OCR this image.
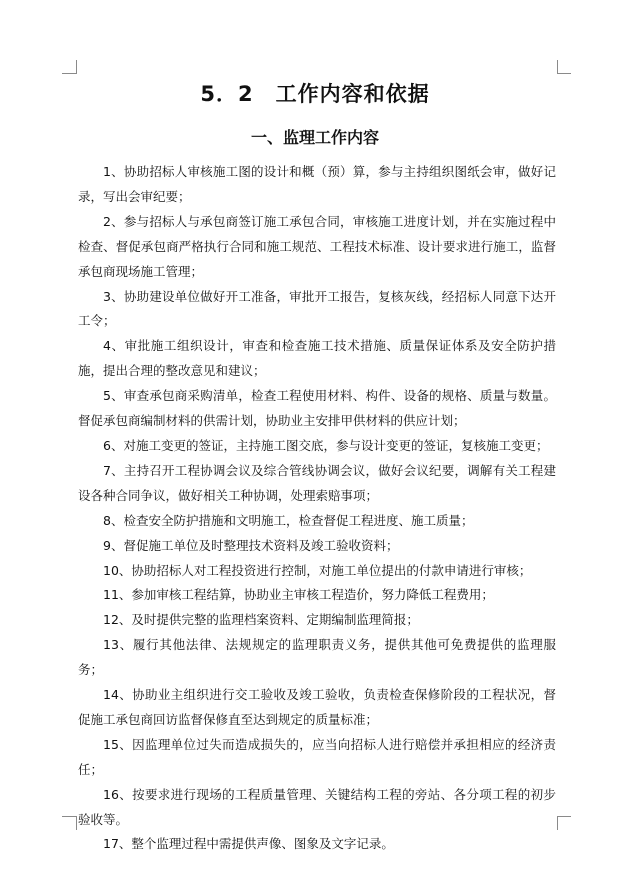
5．2　工作内容和依据
一、监理工作内容

1、协助招标人审核施工图的设计和概（预）算，参与主持组织图纸会审，做好记录，写出会审纪要；

2、参与招标人与承包商签订施工承包合同，审核施工进度计划，并在实施过程中检查、督促承包商严格执行合同和施工规范、工程技术标准、设计要求进行施工，监督承包商现场施工管理；

3、协助建设单位做好开工准备，审批开工报告，复核灰线，经招标人同意下达开工令；

4、审批施工组织设计，审查和检查施工技术措施、质量保证体系及安全防护措施，提出合理的整改意见和建议；

5、审查承包商采购清单，检查工程使用材料、构件、设备的规格、质量与数量。督促承包商编制材料的供需计划，协助业主安排甲供材料的供应计划；

6、对施工变更的签证，主持施工图交底，参与设计变更的签证，复核施工变更；

7、主持召开工程协调会议及综合管线协调会议，做好会议纪要，调解有关工程建设各种合同争议，做好相关工种协调，处理索赔事项；

8、检查安全防护措施和文明施工，检查督促工程进度、施工质量；

9、督促施工单位及时整理技术资料及竣工验收资料；

10、协助招标人对工程投资进行控制，对施工单位提出的付款申请进行审核；

11、参加审核工程结算，协助业主审核工程造价，努力降低工程费用；

12、及时提供完整的监理档案资料、定期编制监理简报；

13、履行其他法律、法规规定的监理职责义务，提供其他可免费提供的监理服务；

14、协助业主组织进行交工验收及竣工验收，负责检查保修阶段的工程状况，督促施工承包商回访监督保修直至达到规定的质量标准；

15、因监理单位过失而造成损失的，应当向招标人进行赔偿并承担相应的经济责任；

16、按要求进行现场的工程质量管理、关键结构工程的旁站、各分项工程的初步验收等。

17、整个监理过程中需提供声像、图象及文字记录。
